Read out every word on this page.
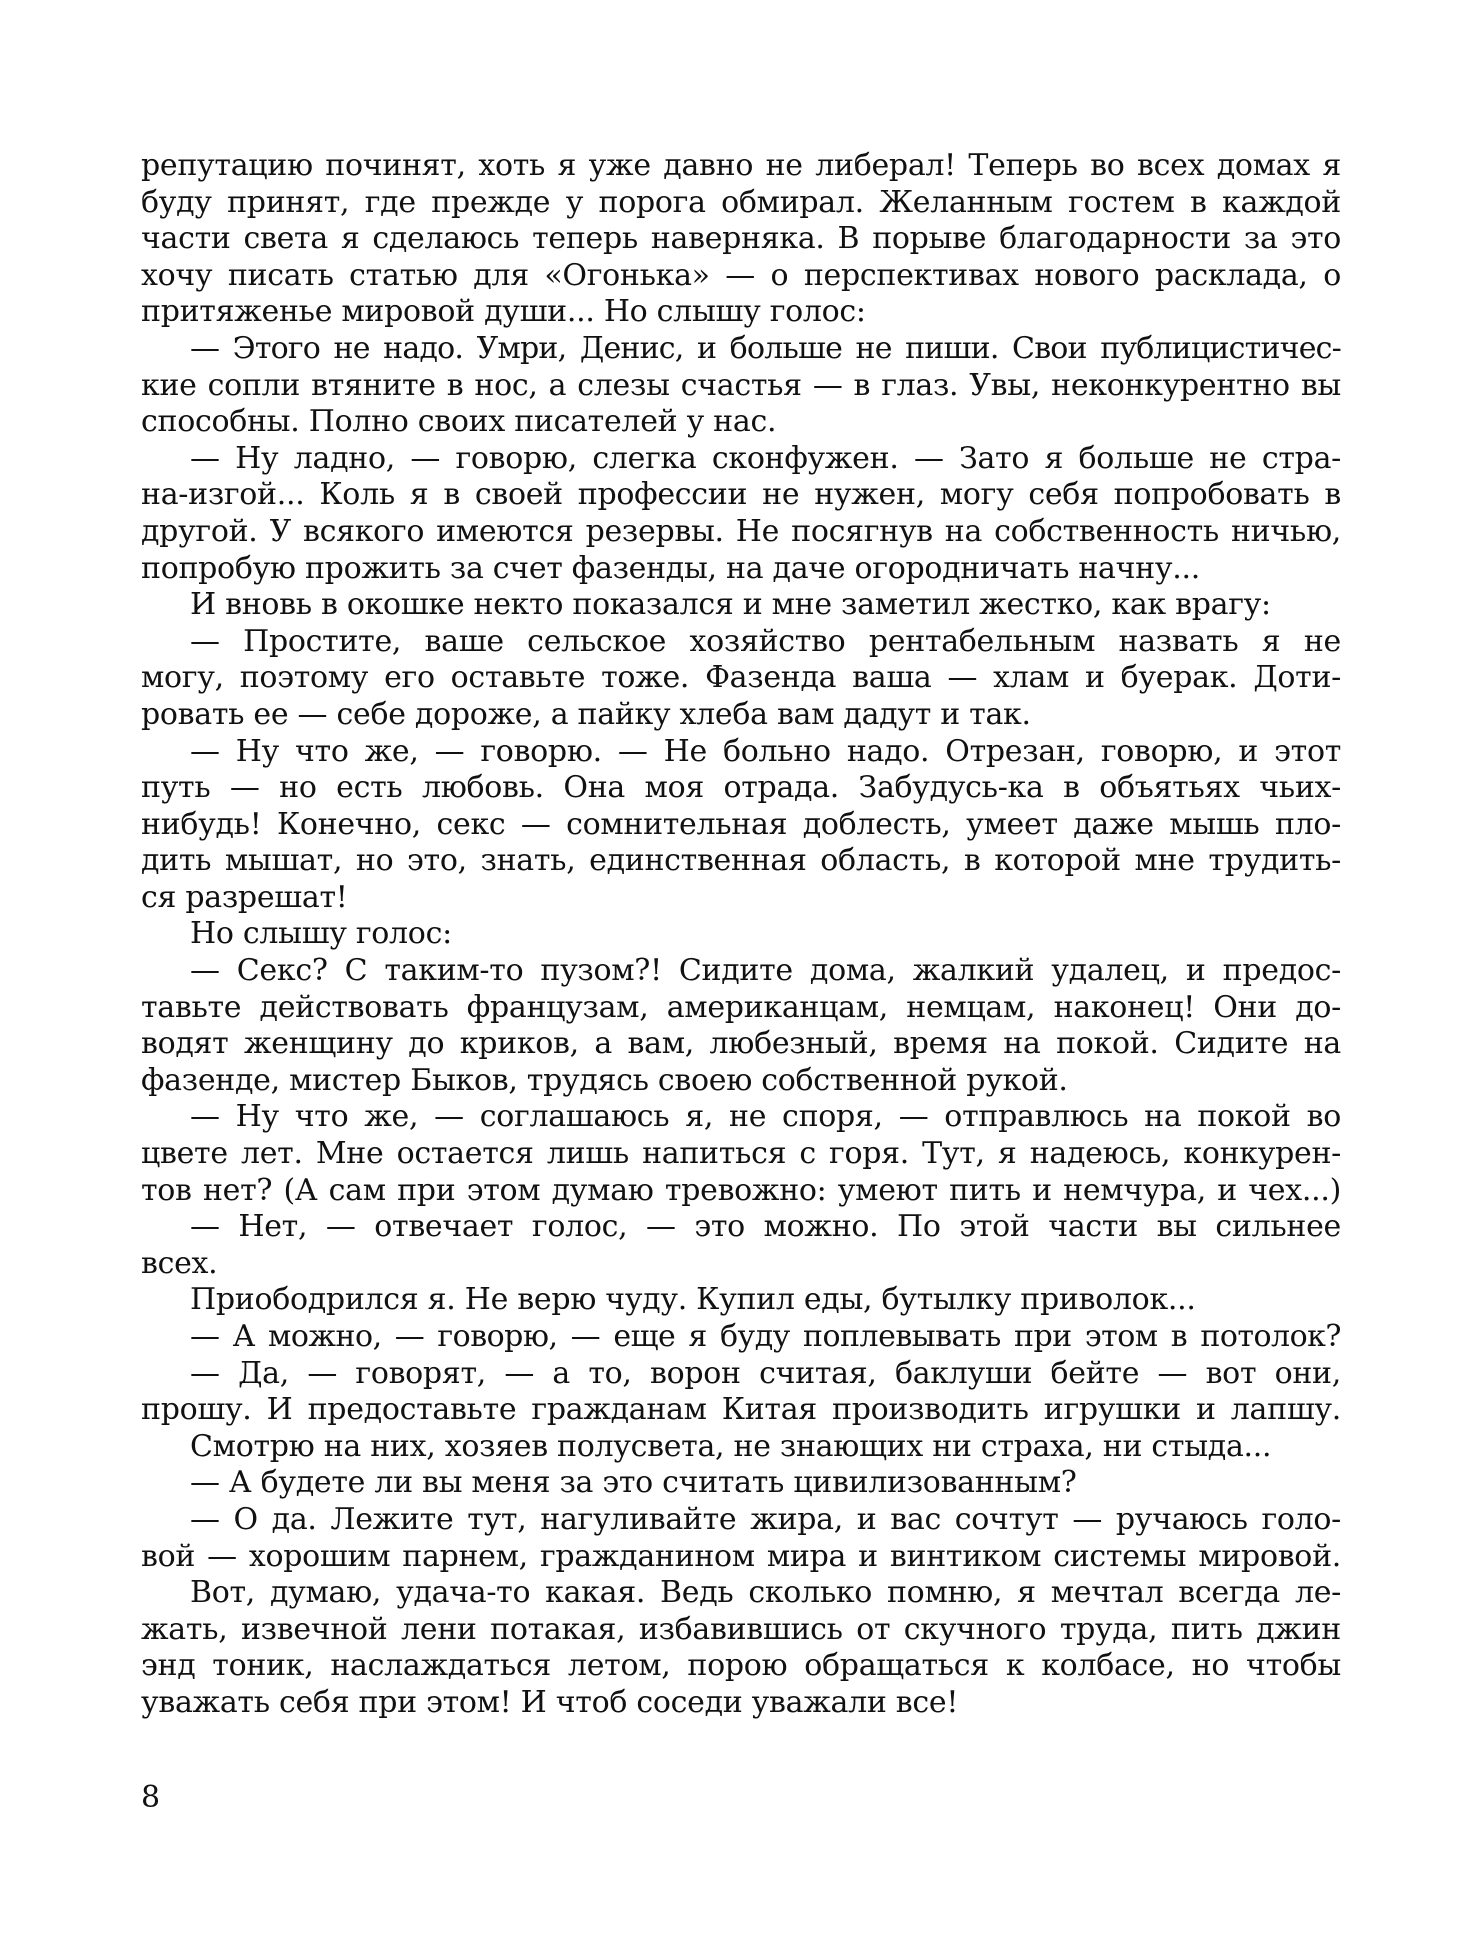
репутацию починят, хоть я уже давно не либерал! Теперь во всех домах я
буду принят, где прежде у порога обмирал. Желанным гостем в каждой
части света я сделаюсь теперь наверняка. В порыве благодарности за это
хочу писать статью для «Огонька» — о перспективах нового расклада, о
притяженье мировой души... Но слышу голос:
— Этого не надо. Умри, Денис, и больше не пиши. Свои публицистичес-
кие сопли втяните в нос, а слезы счастья — в глаз. Увы, неконкурентно вы
способны. Полно своих писателей у нас.
— Ну ладно, — говорю, слегка сконфужен. — Зато я больше не стра-
на-изгой... Коль я в своей профессии не нужен, могу себя попробовать в
другой. У всякого имеются резервы. Не посягнув на собственность ничью,
попробую прожить за счет фазенды, на даче огородничать начну...
И вновь в окошке некто показался и мне заметил жестко, как врагу:
— Простите, ваше сельское хозяйство рентабельным назвать я не
могу, поэтому его оставьте тоже. Фазенда ваша — хлам и буерак. Доти-
ровать ее — себе дороже, а пайку хлеба вам дадут и так.
— Ну что же, — говорю. — Не больно надо. Отрезан, говорю, и этот
путь — но есть любовь. Она моя отрада. Забудусь-ка в объятьях чьих-
нибудь! Конечно, секс — сомнительная доблесть, умеет даже мышь пло-
дить мышат, но это, знать, единственная область, в которой мне трудить-
ся разрешат!
Но слышу голос:
— Секс? С таким-то пузом?! Сидите дома, жалкий удалец, и предос-
тавьте действовать французам, американцам, немцам, наконец! Они до-
водят женщину до криков, а вам, любезный, время на покой. Сидите на
фазенде, мистер Быков, трудясь своею собственной рукой.
— Ну что же, — соглашаюсь я, не споря, — отправлюсь на покой во
цвете лет. Мне остается лишь напиться с горя. Тут, я надеюсь, конкурен-
тов нет? (А сам при этом думаю тревожно: умеют пить и немчура, и чех...)
— Нет, — отвечает голос, — это можно. По этой части вы сильнее
всех.
Приободрился я. Не верю чуду. Купил еды, бутылку приволок...
— А можно, — говорю, — еще я буду поплевывать при этом в потолок?
— Да, — говорят, — а то, ворон считая, баклуши бейте — вот они,
прошу. И предоставьте гражданам Китая производить игрушки и лапшу.
Смотрю на них, хозяев полусвета, не знающих ни страха, ни стыда...
— А будете ли вы меня за это считать цивилизованным?
— О да. Лежите тут, нагуливайте жира, и вас сочтут — ручаюсь голо-
вой — хорошим парнем, гражданином мира и винтиком системы мировой.
Вот, думаю, удача-то какая. Ведь сколько помню, я мечтал всегда ле-
жать, извечной лени потакая, избавившись от скучного труда, пить джин
энд тоник, наслаждаться летом, порою обращаться к колбасе, но чтобы
уважать себя при этом! И чтоб соседи уважали все!
8
